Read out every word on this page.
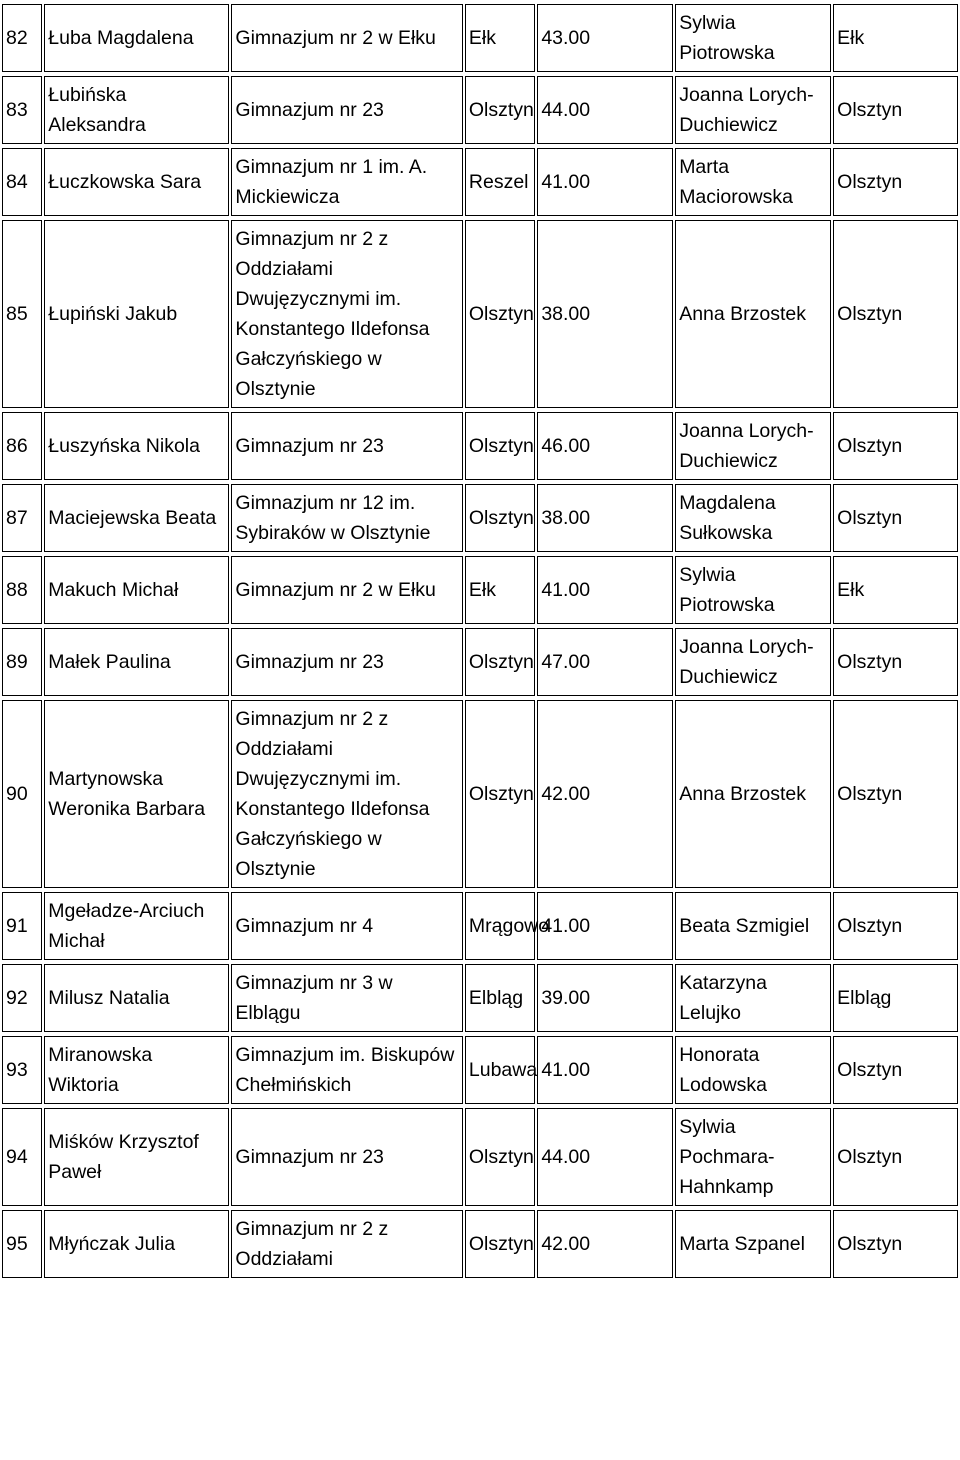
82	Łuba Magdalena	Gimnazjum nr 2 w Ełku	Ełk	43.00	Sylwia Piotrowska	Ełk

83	Łubińska Aleksandra	Gimnazjum nr 23	Olsztyn	44.00	Joanna Lorych-Duchiewicz	Olsztyn

84	Łuczkowska Sara	Gimnazjum nr 1 im. A. Mickiewicza	Reszel	41.00	Marta Maciorowska	Olsztyn

85	Łupiński Jakub	Gimnazjum nr 2 z Oddziałami Dwujęzycznymi im. Konstantego Ildefonsa Gałczyńskiego w Olsztynie	Olsztyn	38.00	Anna Brzostek	Olsztyn

86	Łuszyńska Nikola	Gimnazjum nr 23	Olsztyn	46.00	Joanna Lorych-Duchiewicz	Olsztyn

87	Maciejewska Beata	Gimnazjum nr 12 im. Sybiraków w Olsztynie	Olsztyn	38.00	Magdalena Sułkowska	Olsztyn

88	Makuch Michał	Gimnazjum nr 2 w Ełku	Ełk	41.00	Sylwia Piotrowska	Ełk

89	Małek Paulina	Gimnazjum nr 23	Olsztyn	47.00	Joanna Lorych-Duchiewicz	Olsztyn

90	Martynowska Weronika Barbara	Gimnazjum nr 2 z Oddziałami Dwujęzycznymi im. Konstantego Ildefonsa Gałczyńskiego w Olsztynie	Olsztyn	42.00	Anna Brzostek	Olsztyn

91	Mgeładze-Arciuch Michał	Gimnazjum nr 4	Mrągowo	41.00	Beata Szmigiel	Olsztyn

92	Milusz Natalia	Gimnazjum nr 3 w Elblągu	Elbląg	39.00	Katarzyna Lelujko	Elbląg

93	Miranowska Wiktoria	Gimnazjum im. Biskupów Chełmińskich	Lubawa	41.00	Honorata Lodowska	Olsztyn

94	Miśków Krzysztof Paweł	Gimnazjum nr 23	Olsztyn	44.00	Sylwia Pochmara-Hahnkamp	Olsztyn

95	Młyńczak Julia	Gimnazjum nr 2 z Oddziałami	Olsztyn	42.00	Marta Szpanel	Olsztyn
